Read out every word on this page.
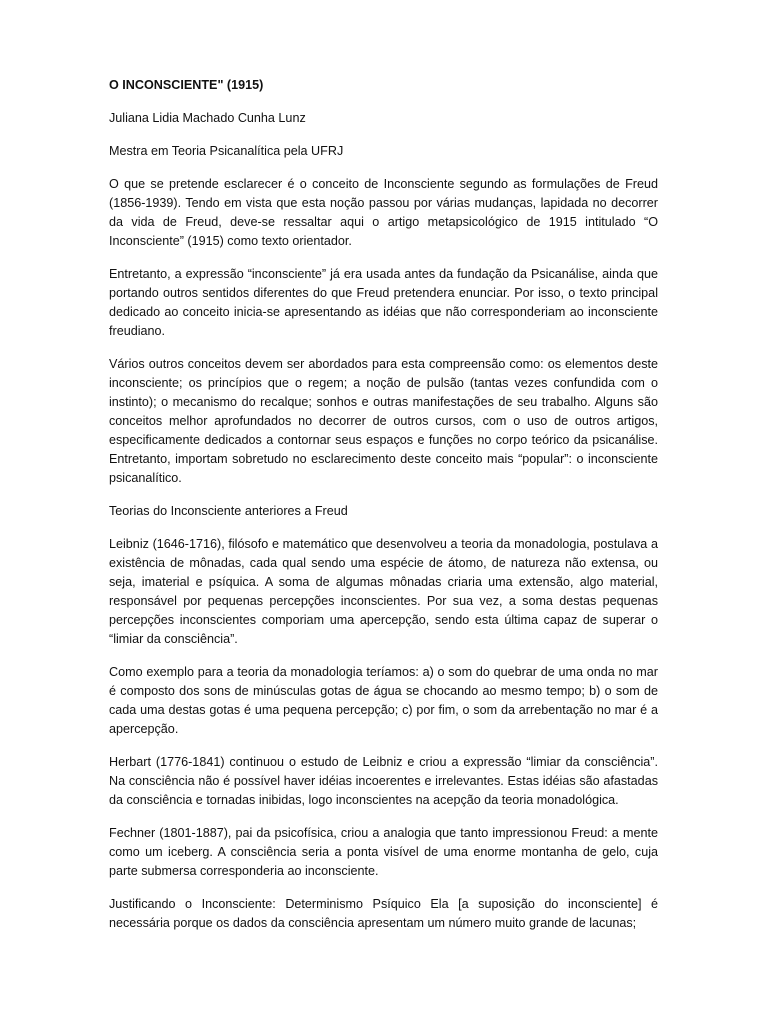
O INCONSCIENTE" (1915)

Juliana Lidia Machado Cunha Lunz

Mestra em Teoria Psicanalítica pela UFRJ

O que se pretende esclarecer é o conceito de Inconsciente segundo as formulações de Freud (1856-1939). Tendo em vista que esta noção passou por várias mudanças, lapidada no decorrer da vida de Freud, deve-se ressaltar aqui o artigo metapsicológico de 1915 intitulado “O Inconsciente” (1915) como texto orientador.

Entretanto, a expressão “inconsciente” já era usada antes da fundação da Psicanálise, ainda que portando outros sentidos diferentes do que Freud pretendera enunciar. Por isso, o texto principal dedicado ao conceito inicia-se apresentando as idéias que não corresponderiam ao inconsciente freudiano.

Vários outros conceitos devem ser abordados para esta compreensão como: os elementos deste inconsciente; os princípios que o regem; a noção de pulsão (tantas vezes confundida com o instinto); o mecanismo do recalque; sonhos e outras manifestações de seu trabalho. Alguns são conceitos melhor aprofundados no decorrer de outros cursos, com o uso de outros artigos, especificamente dedicados a contornar seus espaços e funções no corpo teórico da psicanálise. Entretanto, importam sobretudo no esclarecimento deste conceito mais “popular”: o inconsciente psicanalítico.

Teorias do Inconsciente anteriores a Freud

Leibniz (1646-1716), filósofo e matemático que desenvolveu a teoria da monadologia, postulava a existência de mônadas, cada qual sendo uma espécie de átomo, de natureza não extensa, ou seja, imaterial e psíquica. A soma de algumas mônadas criaria uma extensão, algo material, responsável por pequenas percepções inconscientes. Por sua vez, a soma destas pequenas percepções inconscientes comporiam uma apercepção, sendo esta última capaz de superar o “limiar da consciência”.

Como exemplo para a teoria da monadologia teríamos: a) o som do quebrar de uma onda no mar é composto dos sons de minúsculas gotas de água se chocando ao mesmo tempo; b) o som de cada uma destas gotas é uma pequena percepção; c) por fim, o som da arrebentação no mar é a apercepção.

Herbart (1776-1841) continuou o estudo de Leibniz e criou a expressão “limiar da consciência”. Na consciência não é possível haver idéias incoerentes e irrelevantes. Estas idéias são afastadas da consciência e tornadas inibidas, logo inconscientes na acepção da teoria monadológica.

Fechner (1801-1887), pai da psicofísica, criou a analogia que tanto impressionou Freud: a mente como um iceberg. A consciência seria a ponta visível de uma enorme montanha de gelo, cuja parte submersa corresponderia ao inconsciente.

Justificando o Inconsciente: Determinismo Psíquico Ela [a suposição do inconsciente] é necessária porque os dados da consciência apresentam um número muito grande de lacunas;
